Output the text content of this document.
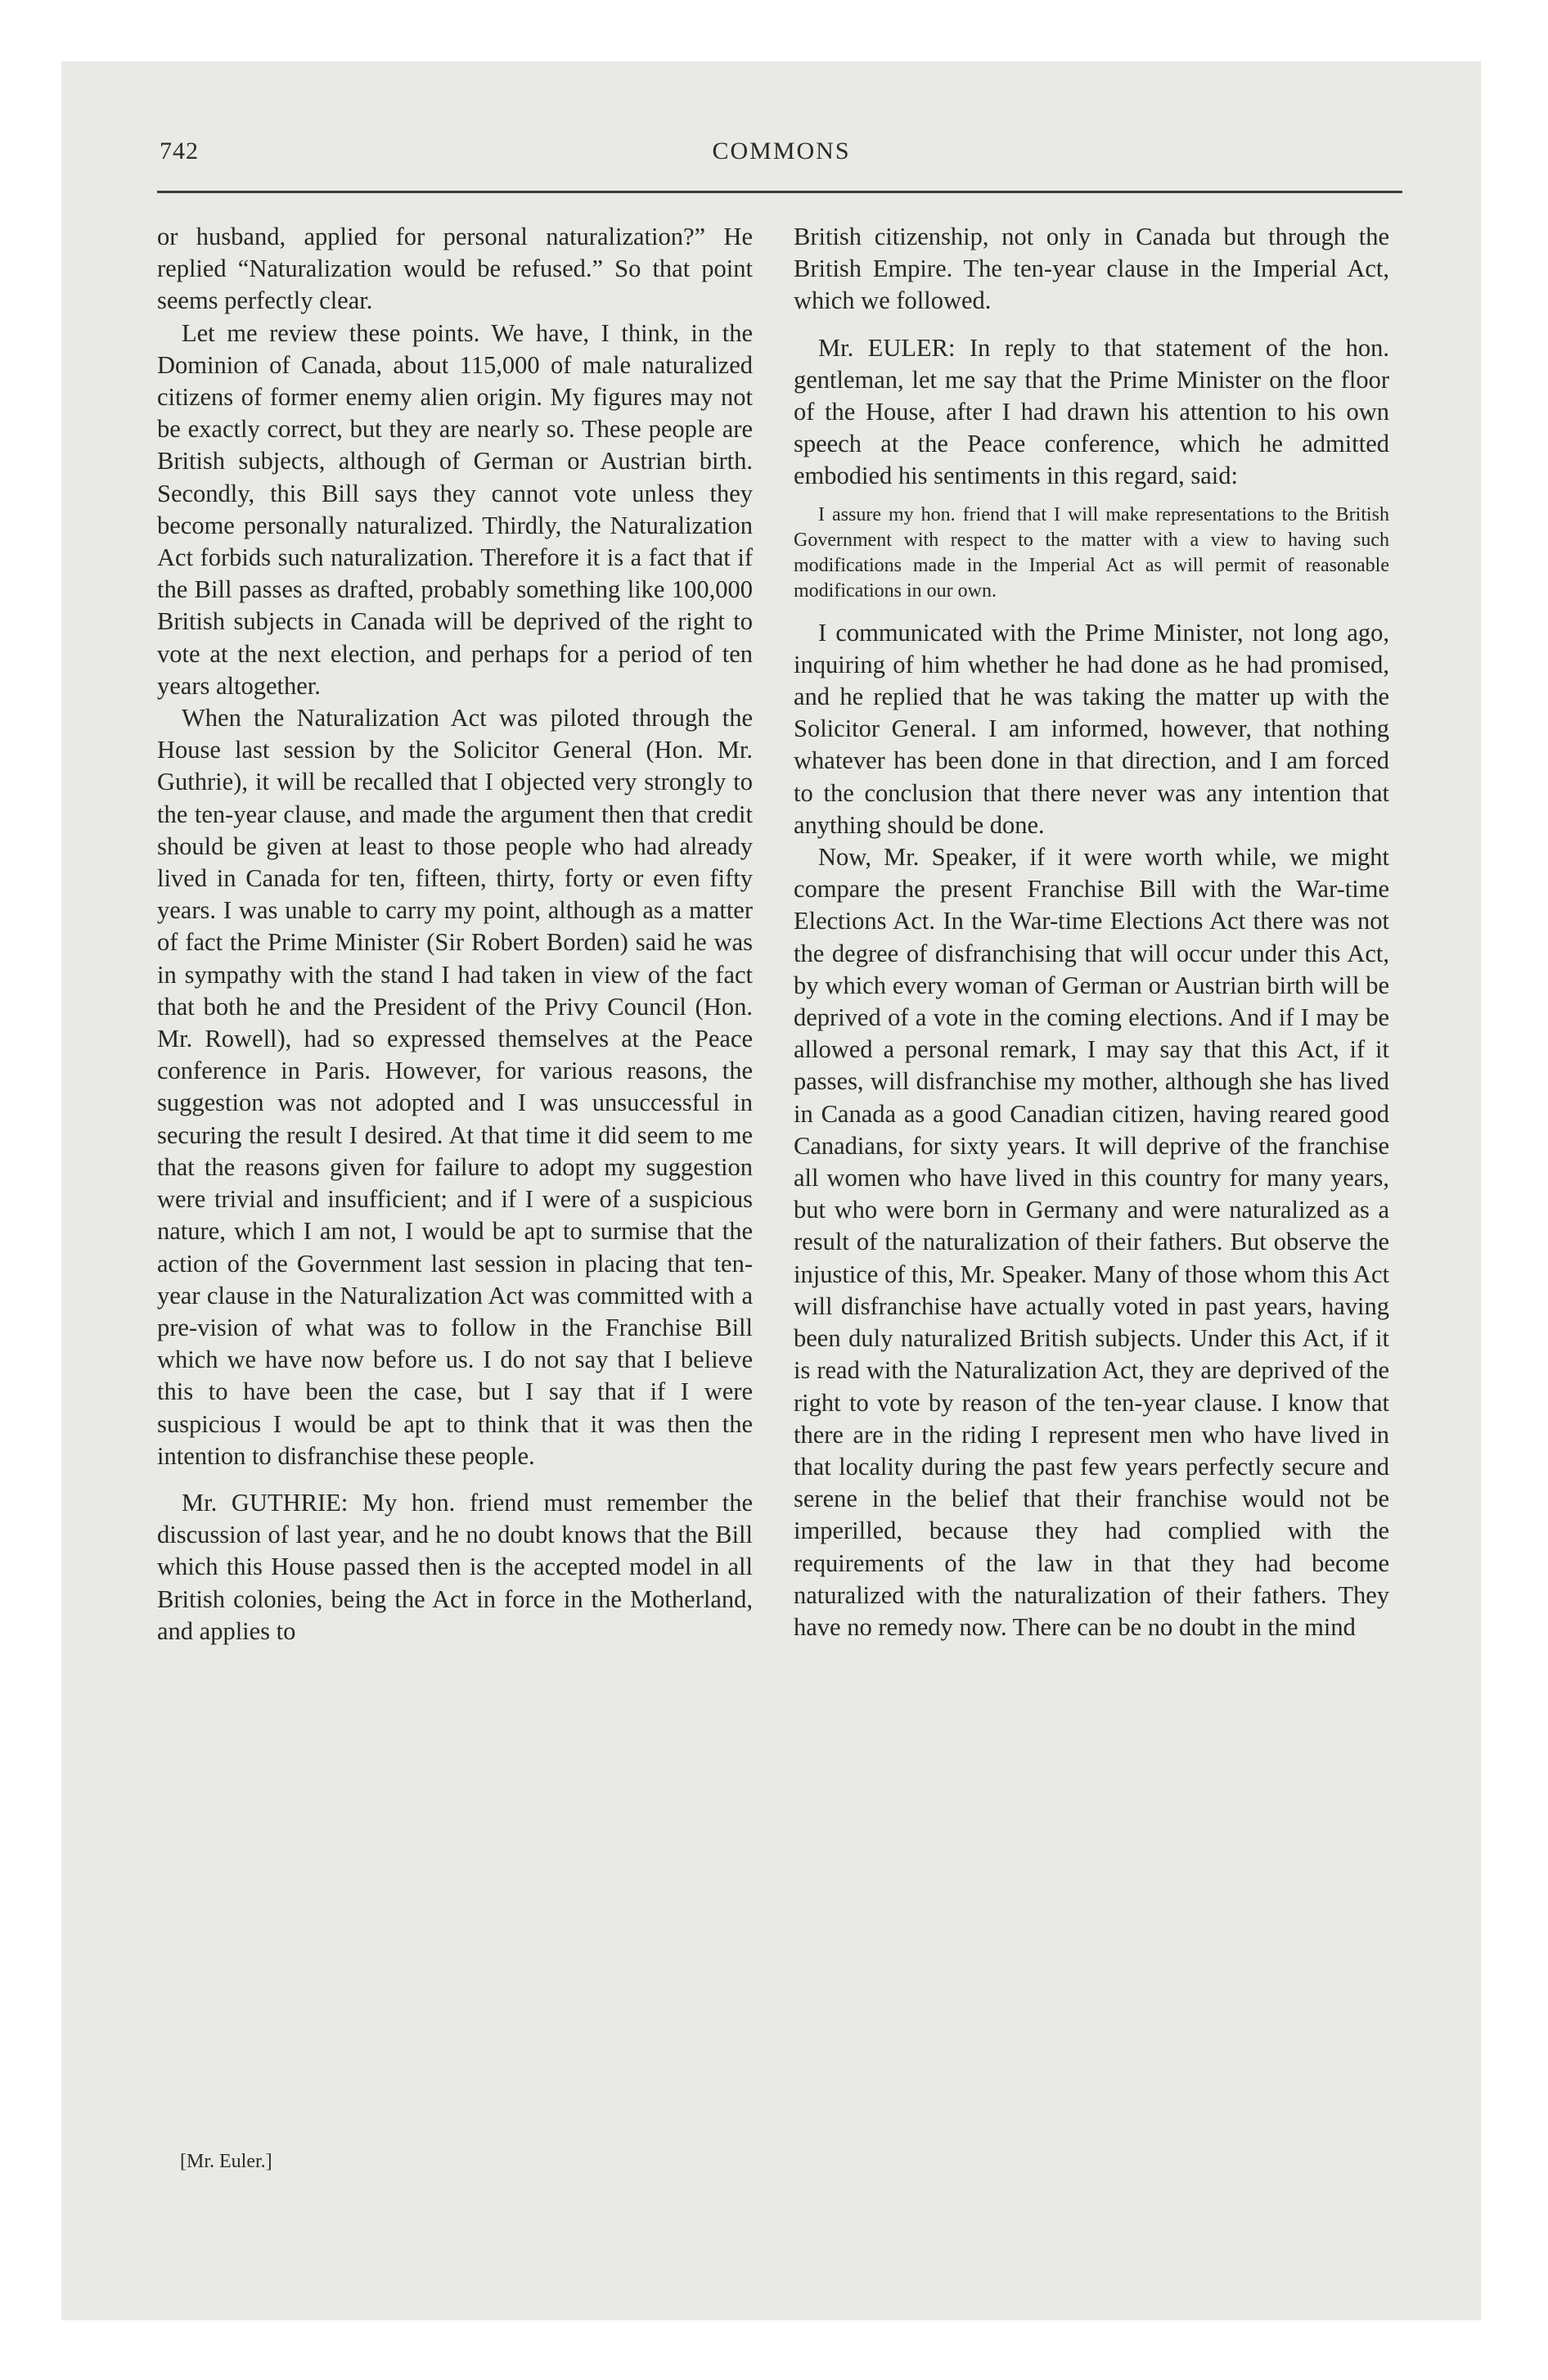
742	COMMONS

or husband, applied for personal naturalization?” He replied “Naturalization would be refused.” So that point seems perfectly clear.

Let me review these points. We have, I think, in the Dominion of Canada, about 115,000 of male naturalized citizens of former enemy alien origin. My figures may not be exactly correct, but they are nearly so. These people are British subjects, although of German or Austrian birth. Secondly, this Bill says they cannot vote unless they become personally naturalized. Thirdly, the Naturalization Act forbids such naturalization. Therefore it is a fact that if the Bill passes as drafted, probably something like 100,000 British subjects in Canada will be deprived of the right to vote at the next election, and perhaps for a period of ten years altogether.

When the Naturalization Act was piloted through the House last session by the Solicitor General (Hon. Mr. Guthrie), it will be recalled that I objected very strongly to the ten-year clause, and made the argument then that credit should be given at least to those people who had already lived in Canada for ten, fifteen, thirty, forty or even fifty years. I was unable to carry my point, although as a matter of fact the Prime Minister (Sir Robert Borden) said he was in sympathy with the stand I had taken in view of the fact that both he and the President of the Privy Council (Hon. Mr. Rowell), had so expressed themselves at the Peace conference in Paris. However, for various reasons, the suggestion was not adopted and I was unsuccessful in securing the result I desired. At that time it did seem to me that the reasons given for failure to adopt my suggestion were trivial and insufficient; and if I were of a suspicious nature, which I am not, I would be apt to surmise that the action of the Government last session in placing that ten-year clause in the Naturalization Act was committed with a pre-vision of what was to follow in the Franchise Bill which we have now before us. I do not say that I believe this to have been the case, but I say that if I were suspicious I would be apt to think that it was then the intention to disfranchise these people.

Mr. GUTHRIE: My hon. friend must remember the discussion of last year, and he no doubt knows that the Bill which this House passed then is the accepted model in all British colonies, being the Act in force in the Motherland, and applies to

British citizenship, not only in Canada but through the British Empire. The ten-year clause in the Imperial Act, which we followed.

Mr. EULER: In reply to that statement of the hon. gentleman, let me say that the Prime Minister on the floor of the House, after I had drawn his attention to his own speech at the Peace conference, which he admitted embodied his sentiments in this regard, said:

I assure my hon. friend that I will make representations to the British Government with respect to the matter with a view to having such modifications made in the Imperial Act as will permit of reasonable modifications in our own.

I communicated with the Prime Minister, not long ago, inquiring of him whether he had done as he had promised, and he replied that he was taking the matter up with the Solicitor General. I am informed, however, that nothing whatever has been done in that direction, and I am forced to the conclusion that there never was any intention that anything should be done.

Now, Mr. Speaker, if it were worth while, we might compare the present Franchise Bill with the War-time Elections Act. In the War-time Elections Act there was not the degree of disfranchising that will occur under this Act, by which every woman of German or Austrian birth will be deprived of a vote in the coming elections. And if I may be allowed a personal remark, I may say that this Act, if it passes, will disfranchise my mother, although she has lived in Canada as a good Canadian citizen, having reared good Canadians, for sixty years. It will deprive of the franchise all women who have lived in this country for many years, but who were born in Germany and were naturalized as a result of the naturalization of their fathers. But observe the injustice of this, Mr. Speaker. Many of those whom this Act will disfranchise have actually voted in past years, having been duly naturalized British subjects. Under this Act, if it is read with the Naturalization Act, they are deprived of the right to vote by reason of the ten-year clause. I know that there are in the riding I represent men who have lived in that locality during the past few years perfectly secure and serene in the belief that their franchise would not be imperilled, because they had complied with the requirements of the law in that they had become naturalized with the naturalization of their fathers. They have no remedy now. There can be no doubt in the mind

[Mr. Euler.]
